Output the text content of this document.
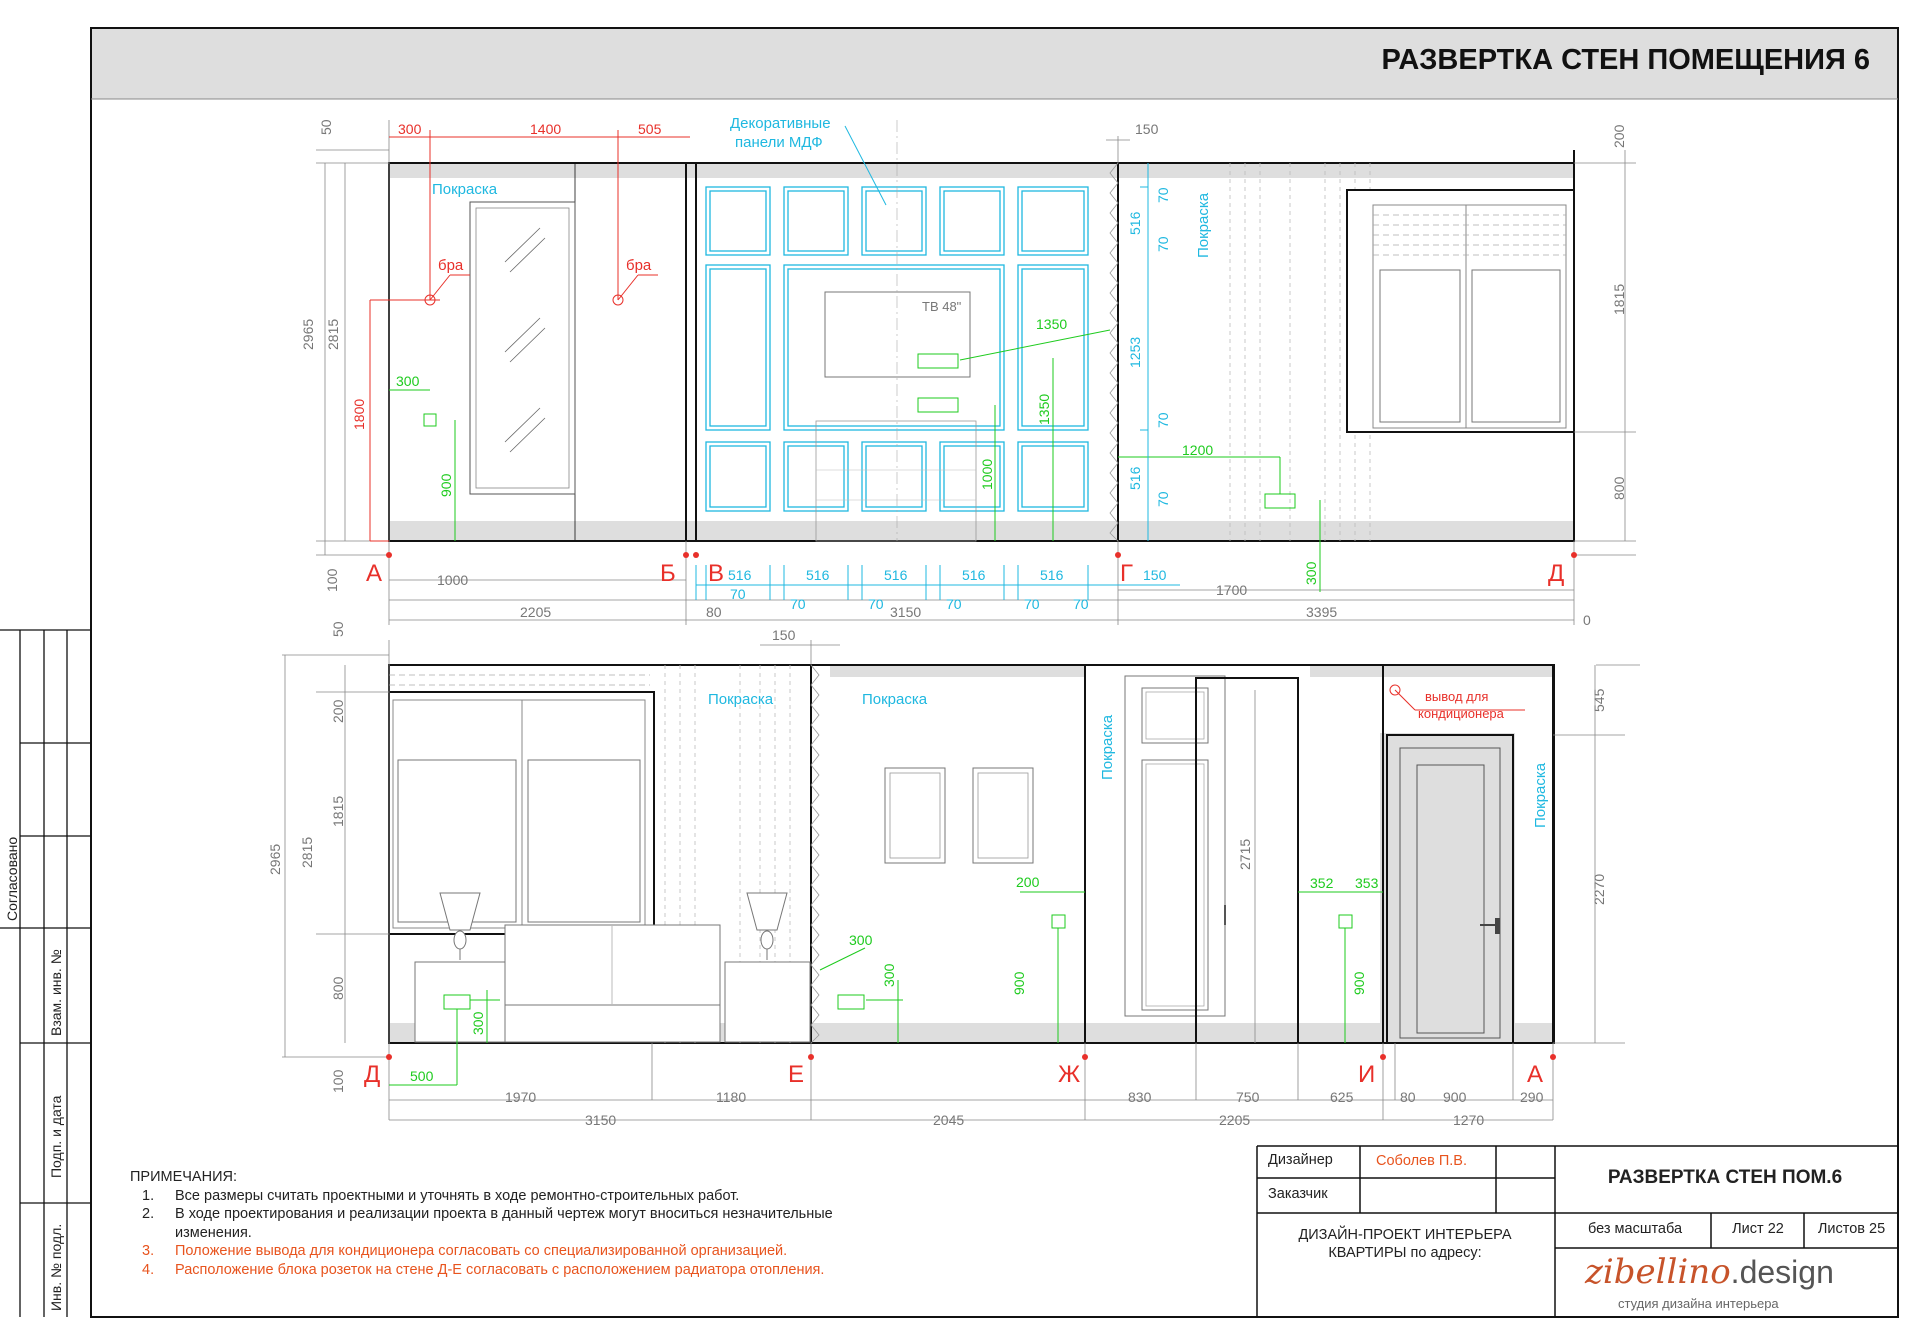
50
2965 2815
1800
100
200
1815
800
0
300	1400	505	150
Декоративные
панели МДФ
Покраска
Покраска
бра	бра
ТВ 48"
300
900
1350
1350
1000
1200
300
70
516
70
1253
70
516
70
А	Б В	Г	Д
1000
1700
516	516	516	516	516	150
70
70	70	70	70 70
2205	80	3150	3395
50
200
1815
2965 2815
800
100
545
2270
150
Покраска	Покраска
Покраска
Покраска
вывод для
кондиционера
200
300
300	900
352 353
900
300
500
2715
Д	Е	Ж	И	А
1970	1180	830	750	625	80 900	290
3150	2045	2205	1270
РАЗВЕРТКА СТЕН ПОМЕЩЕНИЯ 6
Согласовано
Взам. инв. №
Подп. и дата
Инв. № подл.
ПРИМЕЧАНИЯ:
1. Все размеры считать проектными и уточнять в ходе ремонтно-строительных работ.
2. В ходе проектирования и реализации проекта в данный чертеж могут вноситься незначительные
изменения.
3. Положение вывода для кондиционера согласовать со специализированной организацией.
4. Расположение блока розеток на стене Д-Е согласовать с расположением радиатора отопления.
Дизайнер	Соболев П.В.
Заказчик
ДИЗАЙН-ПРОЕКТ ИНТЕРЬЕРА
КВАРТИРЫ по адресу:
РАЗВЕРТКА СТЕН ПОМ.6
без масштаба	Лист 22	Листов 25
zibellino.design
студия дизайна интерьера
